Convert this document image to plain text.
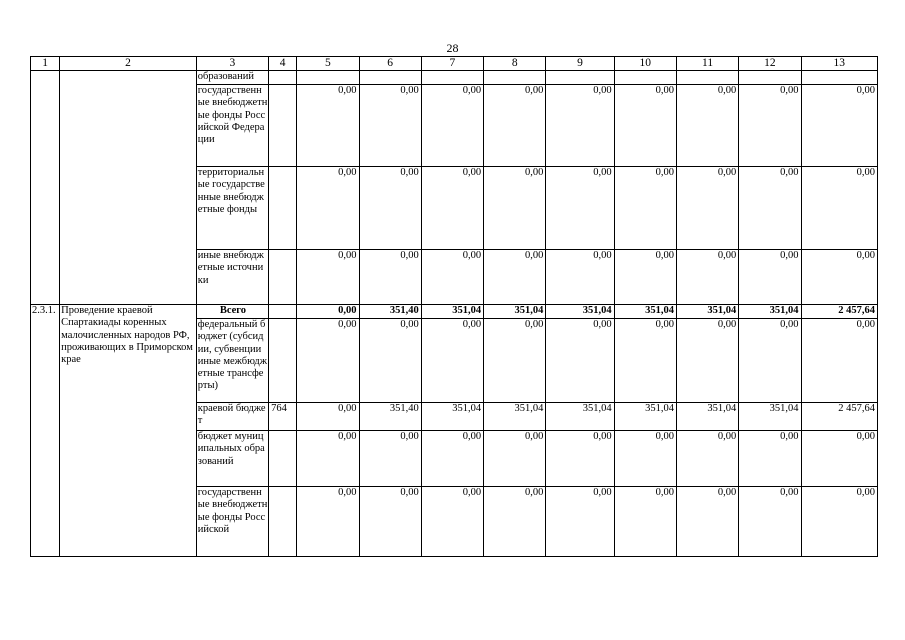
28
1	2	3	4	5	6	7	8	9	10	11	12	13
		образований										
		государственные внебюджетные фонды Российской Федерации		0,00	0,00	0,00	0,00	0,00	0,00	0,00	0,00	0,00
		территориальные государственные внебюджетные фонды		0,00	0,00	0,00	0,00	0,00	0,00	0,00	0,00	0,00
		иные внебюджетные источники		0,00	0,00	0,00	0,00	0,00	0,00	0,00	0,00	0,00
2.3.1.	Проведение краевой Спартакиады коренных малочисленных народов РФ, проживающих в Приморском крае	Всего		0,00	351,40	351,04	351,04	351,04	351,04	351,04	351,04	2 457,64
		федеральный бюджет (субсидии, субвенции иные межбюджетные трансферты)		0,00	0,00	0,00	0,00	0,00	0,00	0,00	0,00	0,00
		краевой бюджет	764	0,00	351,40	351,04	351,04	351,04	351,04	351,04	351,04	2 457,64
		бюджет муниципальных образований		0,00	0,00	0,00	0,00	0,00	0,00	0,00	0,00	0,00
		государственные внебюджетные фонды Российской		0,00	0,00	0,00	0,00	0,00	0,00	0,00	0,00	0,00
